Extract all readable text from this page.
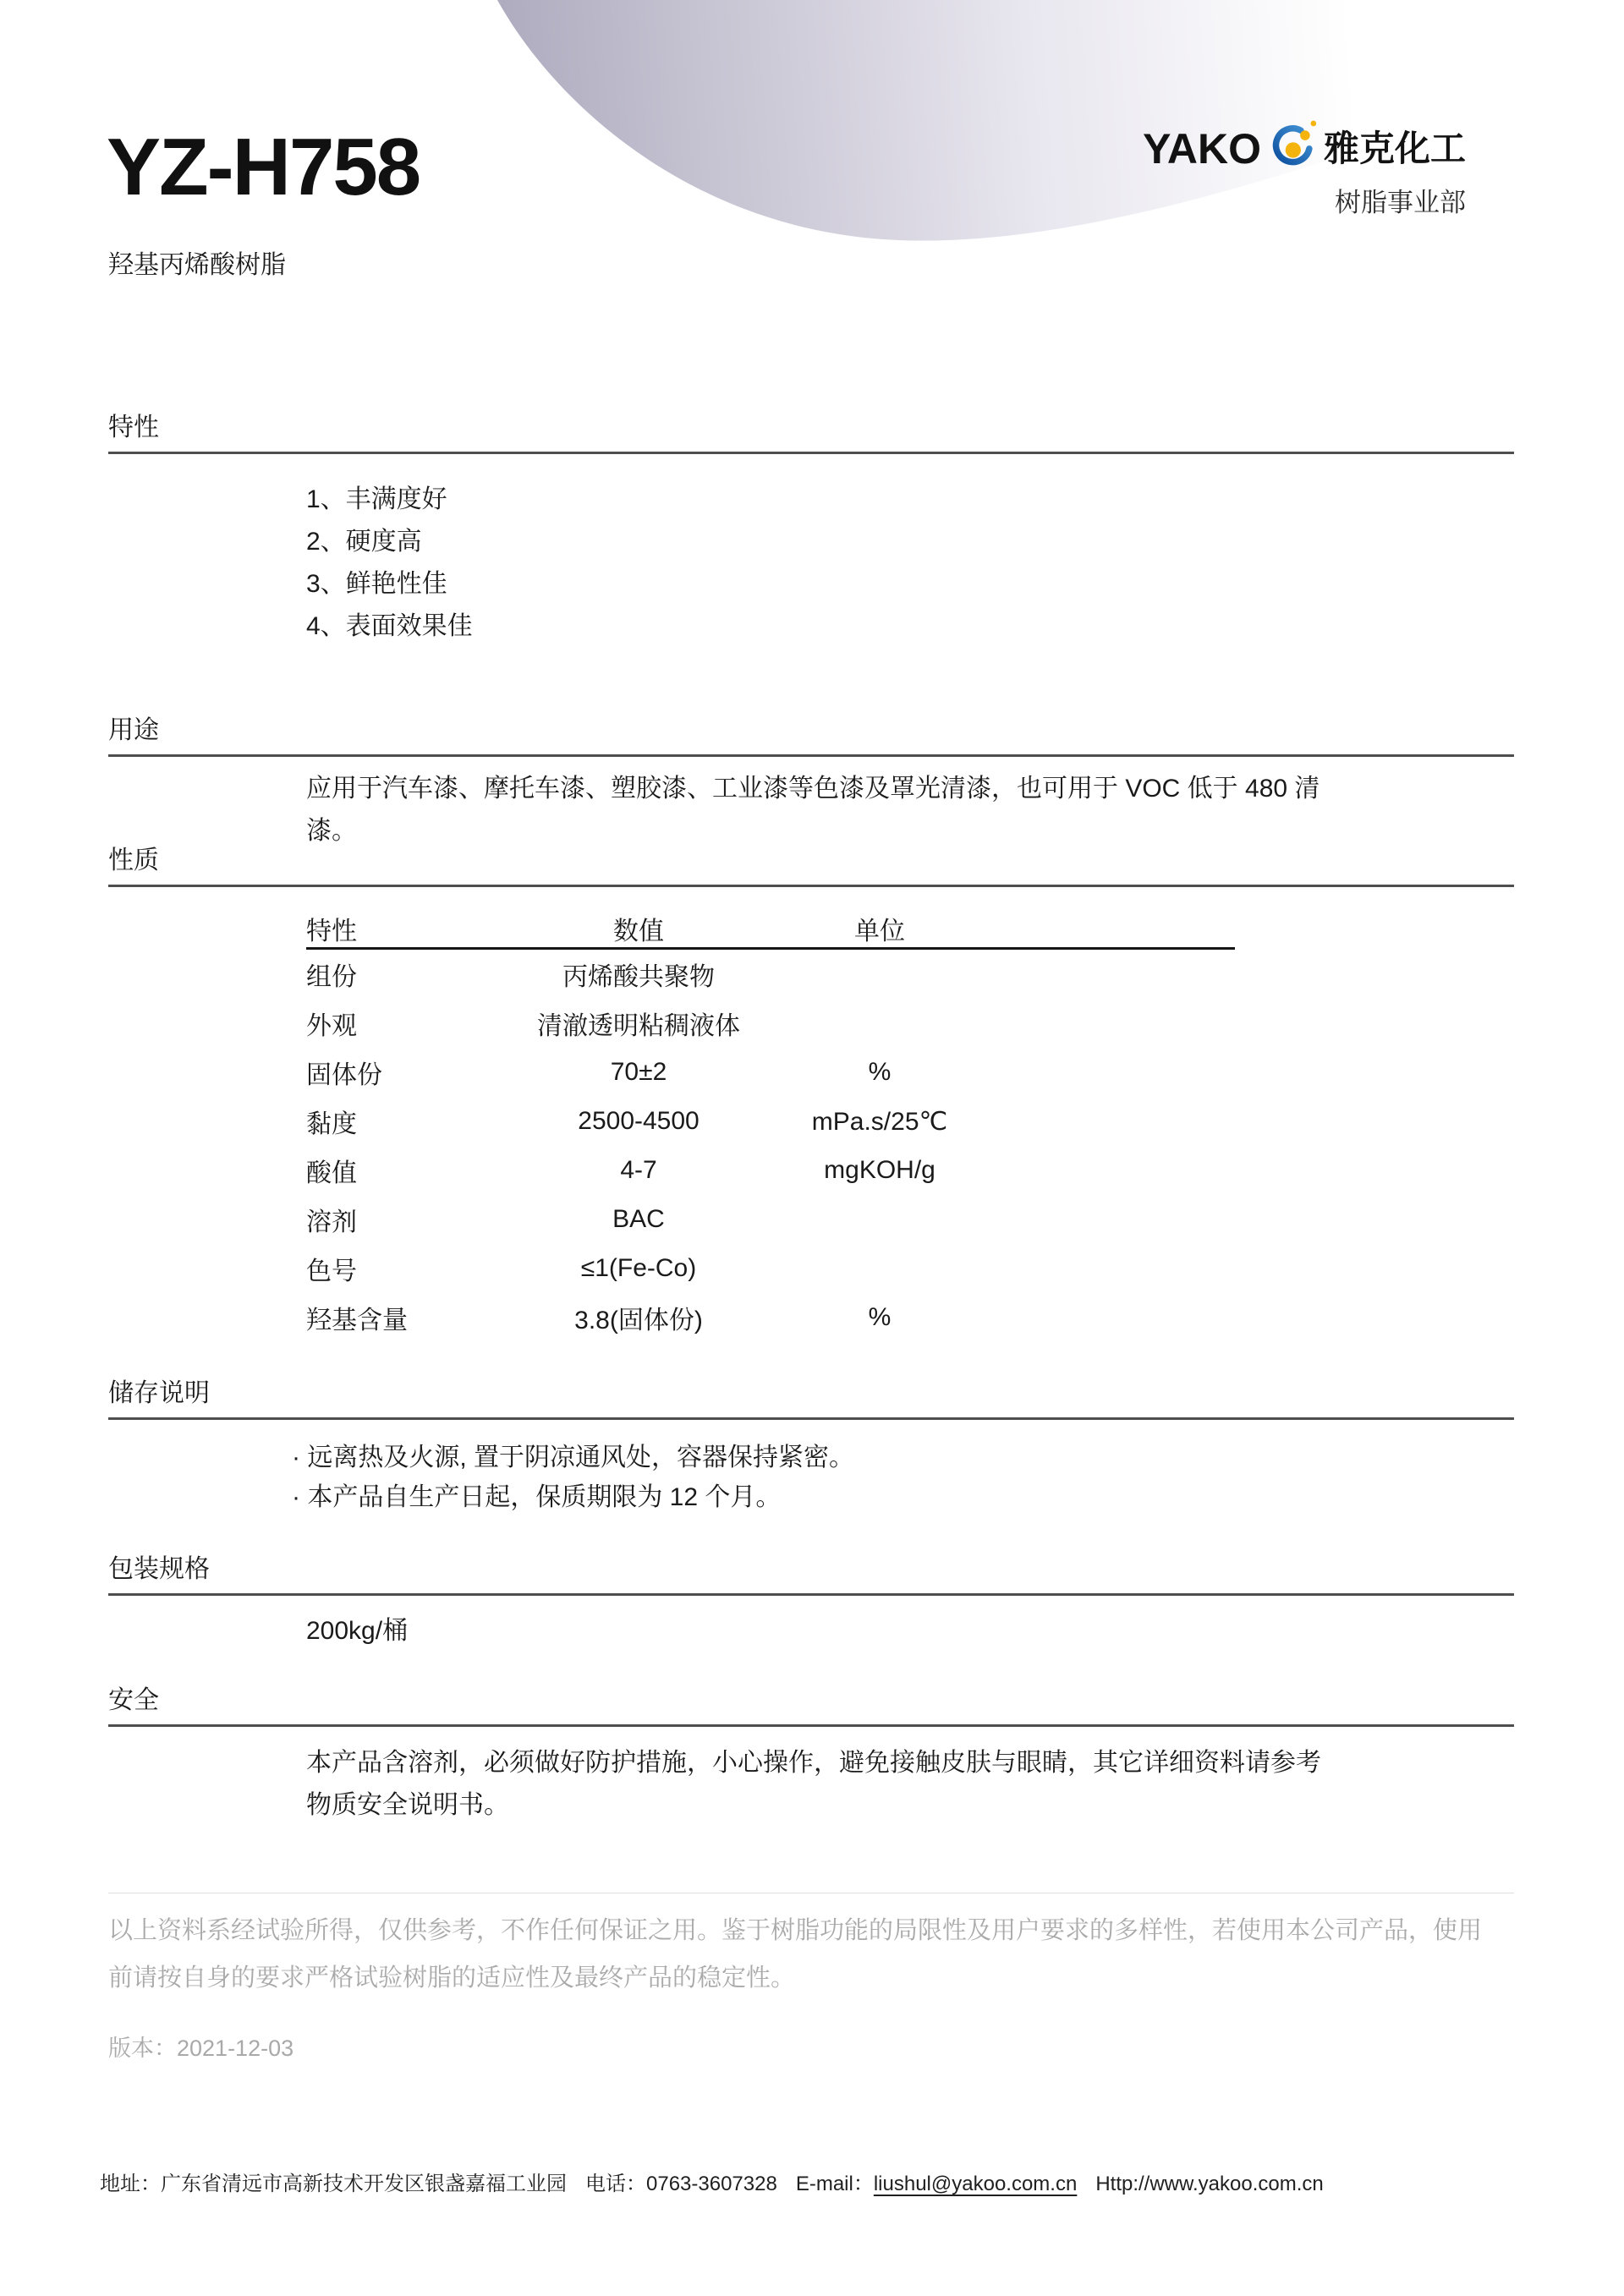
YZ-H758	YAKO 雅克化工
树脂事业部
羟基丙烯酸树脂
特性
1、丰满度好
2、硬度高
3、鲜艳性佳
4、表面效果佳
用途
应用于汽车漆、摩托车漆、塑胶漆、工业漆等色漆及罩光清漆，也可用于 VOC 低于 480 清漆。
性质
特性	数值	单位
组份	丙烯酸共聚物
外观	清澈透明粘稠液体
固体份	70±2	%
黏度	2500-4500	mPa.s/25℃
酸值	4-7	mgKOH/g
溶剂	BAC
色号	≤1(Fe-Co)
羟基含量	3.8(固体份)	%
储存说明
· 远离热及火源, 置于阴凉通风处，容器保持紧密。
· 本产品自生产日起，保质期限为 12 个月。
包装规格
200kg/桶
安全
本产品含溶剂，必须做好防护措施，小心操作，避免接触皮肤与眼睛，其它详细资料请参考物质安全说明书。
以上资料系经试验所得，仅供参考，不作任何保证之用。鉴于树脂功能的局限性及用户要求的多样性，若使用本公司产品，使用前请按自身的要求严格试验树脂的适应性及最终产品的稳定性。
版本：2021-12-03
地址：广东省清远市高新技术开发区银盏嘉福工业园 电话：0763-3607328 E-mail：liushul@yakoo.com.cn Http://www.yakoo.com.cn
